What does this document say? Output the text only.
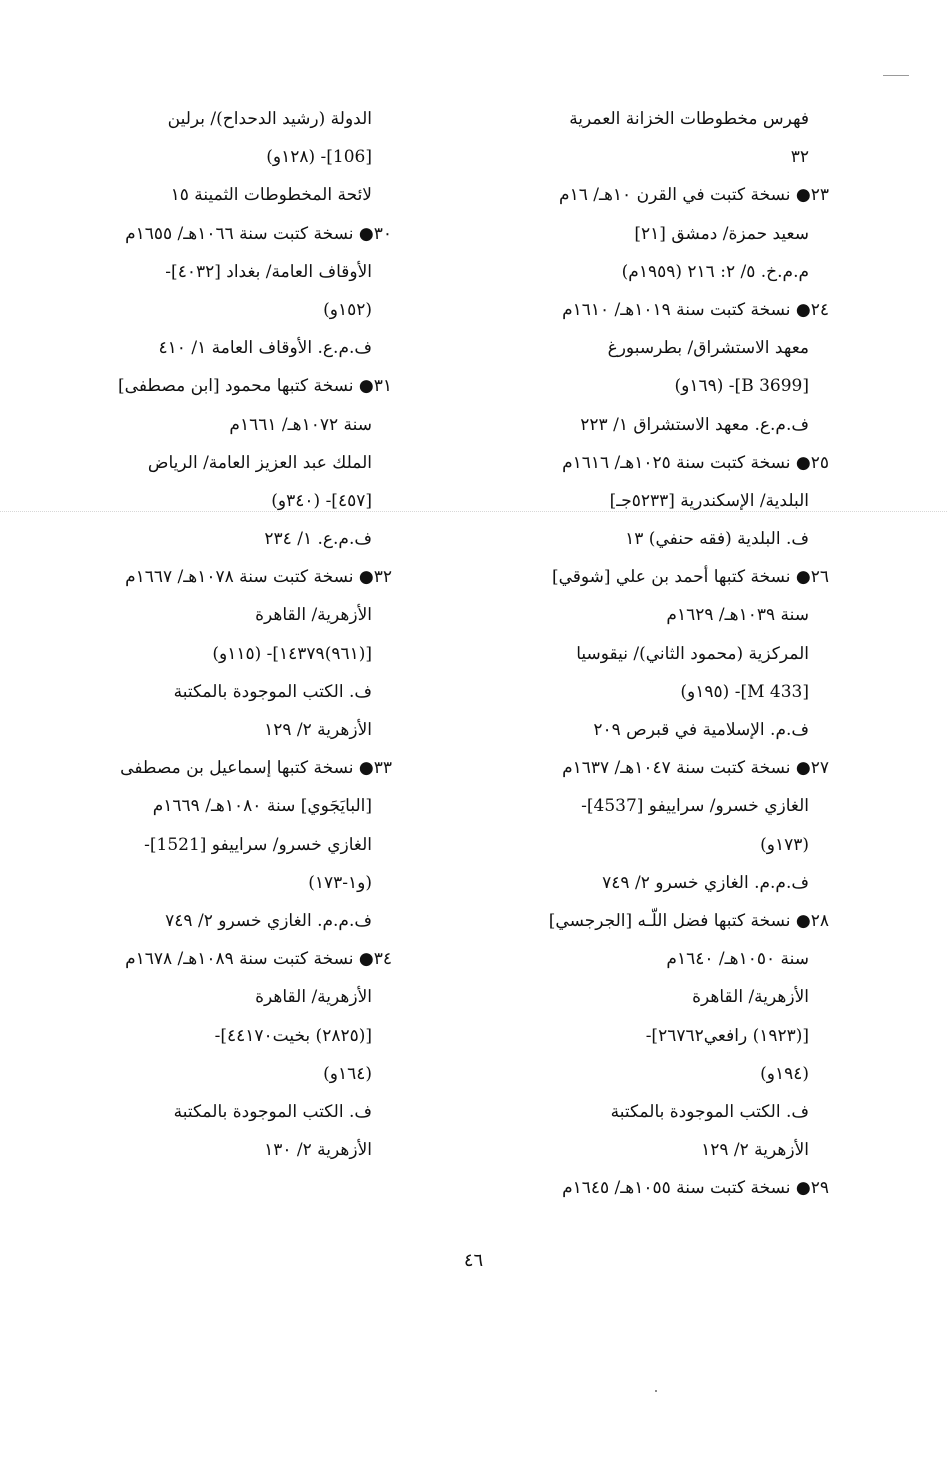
فهرس مخطوطات الخزانة العمرية
٣٢
٢٣● نسخة كتبت في القرن ١٠هـ/ ١٦م
سعيد حمزة/ دمشق [٢١]
م.م.خ. ٥/ ٢: ٢١٦ (١٩٥٩م)
٢٤● نسخة كتبت سنة ١٠١٩هـ/ ١٦١٠م
معهد الاستشراق/ بطرسبورغ
[B 3699]- (١٦٩و)
ف.م.ع. معهد الاستشراق ١/ ٢٢٣
٢٥● نسخة كتبت سنة ١٠٢٥هـ/ ١٦١٦م
البلدية/ الإسكندرية [٥٢٣٣جـ]
ف. البلدية (فقه حنفي) ١٣
٢٦● نسخة كتبها أحمد بن علي [شوقي]
سنة ١٠٣٩هـ/ ١٦٢٩م
المركزية (محمود الثاني)/ نيقوسيا
[M 433]- (١٩٥و)
ف.م. الإسلامية في قبرص ٢٠٩
٢٧● نسخة كتبت سنة ١٠٤٧هـ/ ١٦٣٧م
الغازي خسرو/ سراييفو [4537]-
(١٧٣و)
ف.م.م. الغازي خسرو ٢/ ٧٤٩
٢٨● نسخة كتبها فضل اللّـه [الجرجسي]
سنة ١٠٥٠هـ/ ١٦٤٠م
الأزهرية/ القاهرة
[(١٩٢٣) رافعي٢٦٧٦٢]-
(١٩٤و)
ف. الكتب الموجودة بالمكتبة
الأزهرية ٢/ ١٢٩
٢٩● نسخة كتبت سنة ١٠٥٥هـ/ ١٦٤٥م
الدولة (رشيد الدحداح)/ برلين
[106]- (١٢٨و)
لائحة المخطوطات الثمينة ١٥
٣٠● نسخة كتبت سنة ١٠٦٦هـ/ ١٦٥٥م
الأوقاف العامة/ بغداد [٤٠٣٢]-
(١٥٢و)
ف.م.ع. الأوقاف العامة ١/ ٤١٠
٣١● نسخة كتبها محمود [ابن مصطفى]
سنة ١٠٧٢هـ/ ١٦٦١م
الملك عبد العزيز العامة/ الرياض
[٤٥٧]- (٣٤٠و)
ف.م.ع. ١/ ٢٣٤
٣٢● نسخة كتبت سنة ١٠٧٨هـ/ ١٦٦٧م
الأزهرية/ القاهرة
[(٩٦١)١٤٣٧٩]- (١١٥و)
ف. الكتب الموجودة بالمكتبة
الأزهرية ٢/ ١٢٩
٣٣● نسخة كتبها إسماعيل بن مصطفى
[البايَجَوي] سنة ١٠٨٠هـ/ ١٦٦٩م
الغازي خسرو/ سراييفو [1521]-
(و١-١٧٣)
ف.م.م. الغازي خسرو ٢/ ٧٤٩
٣٤● نسخة كتبت سنة ١٠٨٩هـ/ ١٦٧٨م
الأزهرية/ القاهرة
[(٢٨٢٥) بخيت٤٤١٧٠]-
(١٦٤و)
ف. الكتب الموجودة بالمكتبة
الأزهرية ٢/ ١٣٠
٤٦
